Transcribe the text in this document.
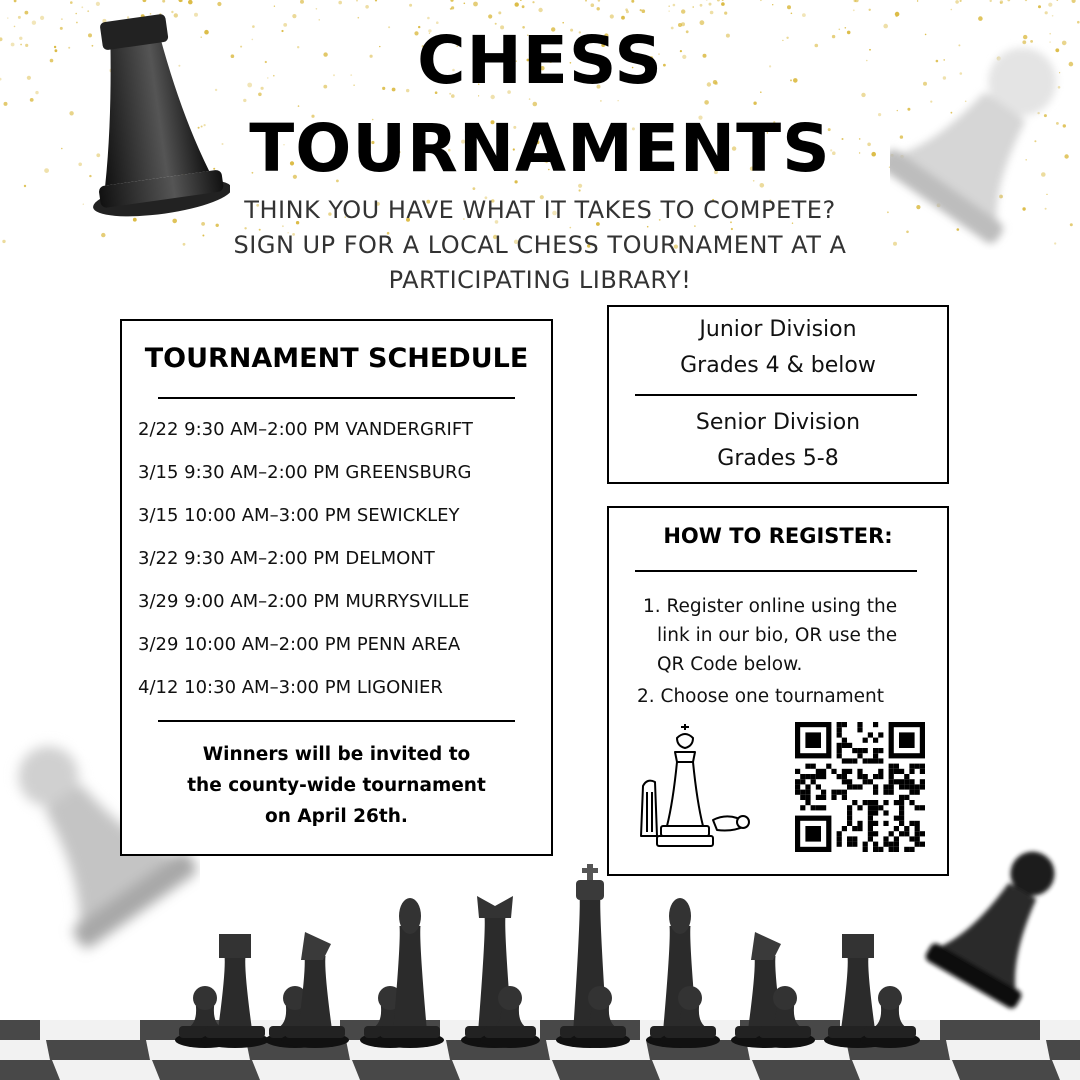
CHESS
TOURNAMENTS
THINK YOU HAVE WHAT IT TAKES TO COMPETE?
SIGN UP FOR A LOCAL CHESS TOURNAMENT AT A
PARTICIPATING LIBRARY!
TOURNAMENT SCHEDULE
2/22 9:30 AM–2:00 PM VANDERGRIFT
3/15 9:30 AM–2:00 PM GREENSBURG
3/15 10:00 AM–3:00 PM SEWICKLEY
3/22 9:30 AM–2:00 PM DELMONT
3/29 9:00 AM–2:00 PM MURRYSVILLE
3/29 10:00 AM–2:00 PM PENN AREA
4/12 10:30 AM–3:00 PM LIGONIER
Winners will be invited to
the county-wide tournament
on April 26th.
Junior Division
Grades 4 & below
Senior Division
Grades 5-8
HOW TO REGISTER:
1. Register online using the
link in our bio, OR use the
QR Code below.
2. Choose one tournament
